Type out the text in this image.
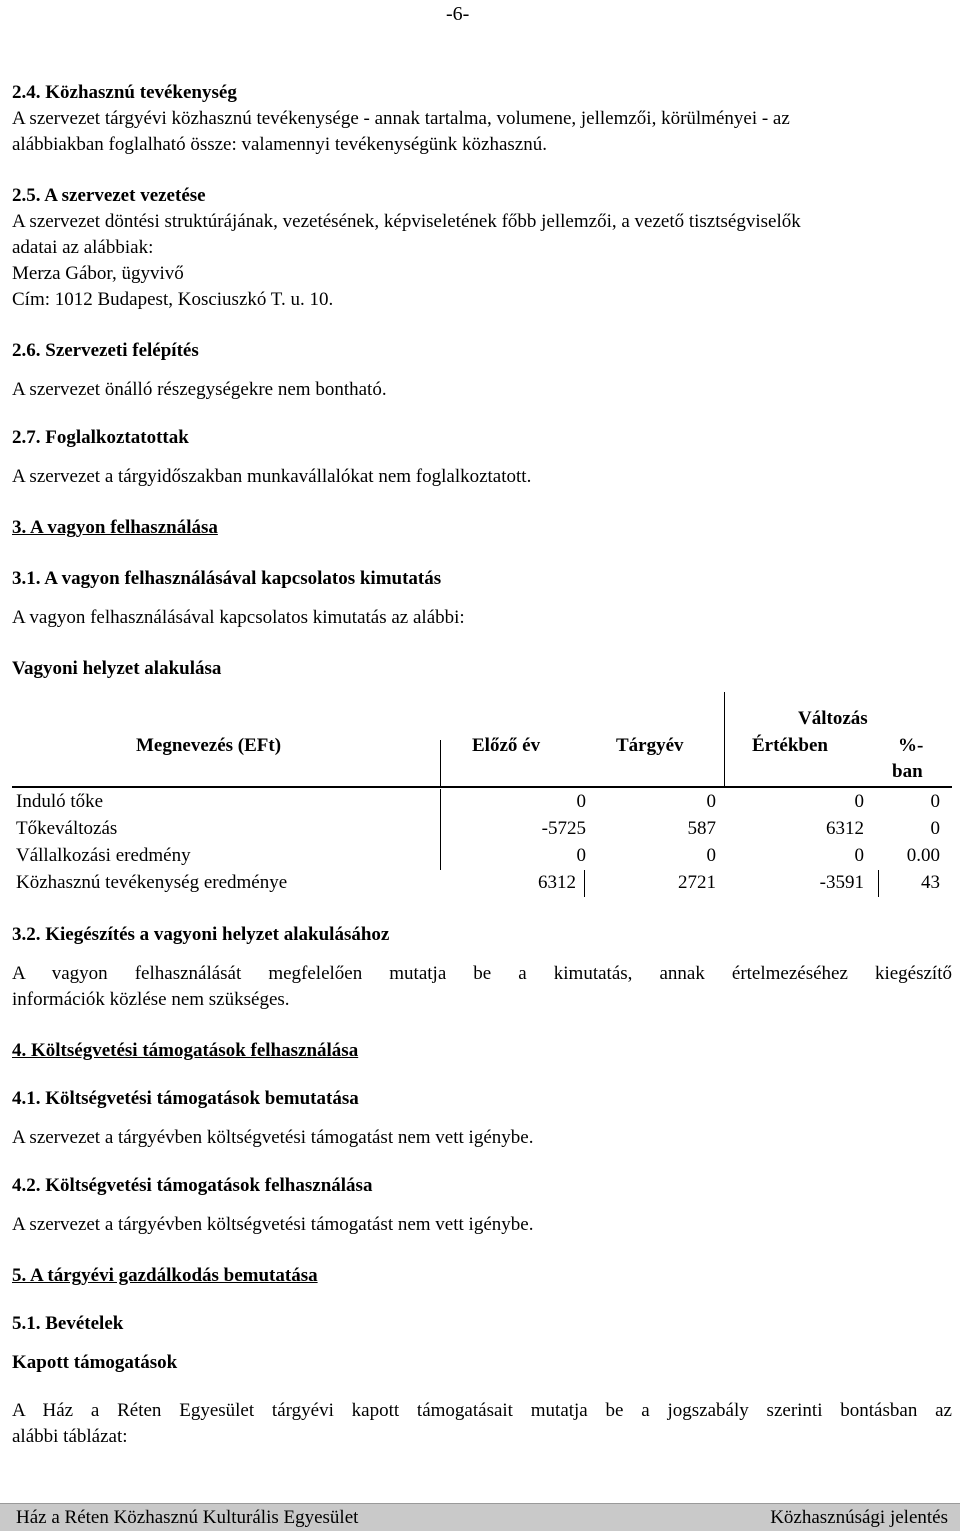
-6-

2.4. Közhasznú tevékenység

A szervezet tárgyévi közhasznú tevékenysége - annak tartalma, volumene, jellemzői, körülményei - az

alábbiakban foglalható össze: valamennyi tevékenységünk közhasznú.

2.5. A szervezet vezetése

A szervezet döntési struktúrájának, vezetésének, képviseletének főbb jellemzői, a vezető tisztségviselők

adatai az alábbiak:

Merza Gábor, ügyvivő

Cím: 1012 Budapest, Kosciuszkó T. u. 10.

2.6. Szervezeti felépítés

A szervezet önálló részegységekre nem bontható.

2.7. Foglalkoztatottak

A szervezet a tárgyidőszakban munkavállalókat nem foglalkoztatott.

3. A vagyon felhasználása

3.1. A vagyon felhasználásával kapcsolatos kimutatás

A vagyon felhasználásával kapcsolatos kimutatás az alábbi:

Vagyoni helyzet alakulása

Megnevezés (EFt)	Előző év	Tárgyév
Változás
Értékben	%-
ban
Induló tőke	0	0	0	0
Tőkeváltozás	-5725	587	6312	0
Vállalkozási eredmény	0	0	0	0.00
Közhasznú tevékenység eredménye	6312	2721	-3591	43

3.2. Kiegészítés a vagyoni helyzet alakulásához

A vagyon felhasználását megfelelően mutatja be a kimutatás, annak értelmezéséhez kiegészítő

információk közlése nem szükséges.

4. Költségvetési támogatások felhasználása

4.1. Költségvetési támogatások bemutatása

A szervezet a tárgyévben költségvetési támogatást nem vett igénybe.

4.2. Költségvetési támogatások felhasználása

A szervezet a tárgyévben költségvetési támogatást nem vett igénybe.

5. A tárgyévi gazdálkodás bemutatása

5.1. Bevételek

Kapott támogatások

A Ház a Réten Egyesület tárgyévi kapott támogatásait mutatja be a jogszabály szerinti bontásban az

alábbi táblázat:

Ház a Réten Közhasznú Kulturális Egyesület	Közhasznúsági jelentés
